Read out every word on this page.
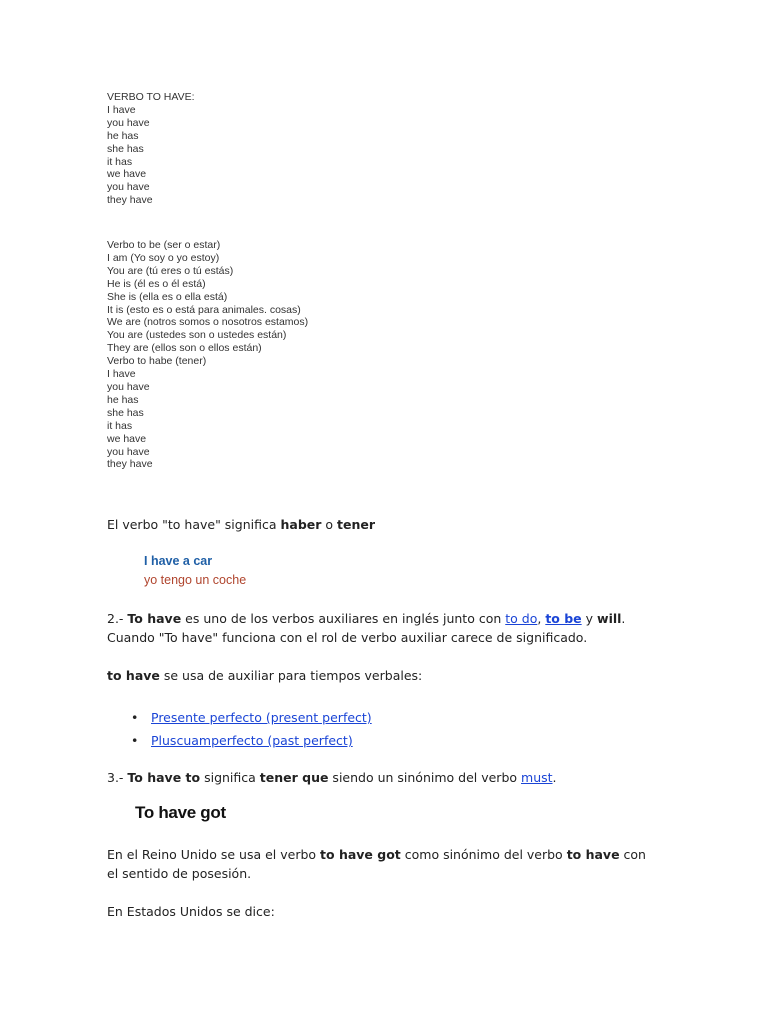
VERBO TO HAVE:
I have
you have
he has
she has
it has
we have
you have
they have
Verbo to be (ser o estar)
I am (Yo soy o yo estoy)
You are (tú eres o tú estás)
He is (él es o él está)
She is (ella es o ella está)
It is (esto es o está para animales. cosas)
We are (notros somos o nosotros estamos)
You are (ustedes son o ustedes están)
They are (ellos son o ellos están)
Verbo to habe (tener)
I have
you have
he has
she has
it has
we have
you have
they have
El verbo "to have" significa haber o tener
I have a car
yo tengo un coche
2.- To have es uno de los verbos auxiliares en inglés junto con to do, to be y will.
Cuando "To have" funciona con el rol de verbo auxiliar carece de significado.
to have se usa de auxiliar para tiempos verbales:
• Presente perfecto (present perfect)
• Pluscuamperfecto (past perfect)
3.- To have to significa tener que siendo un sinónimo del verbo must.
To have got
En el Reino Unido se usa el verbo to have got como sinónimo del verbo to have con
el sentido de posesión.
En Estados Unidos se dice:
